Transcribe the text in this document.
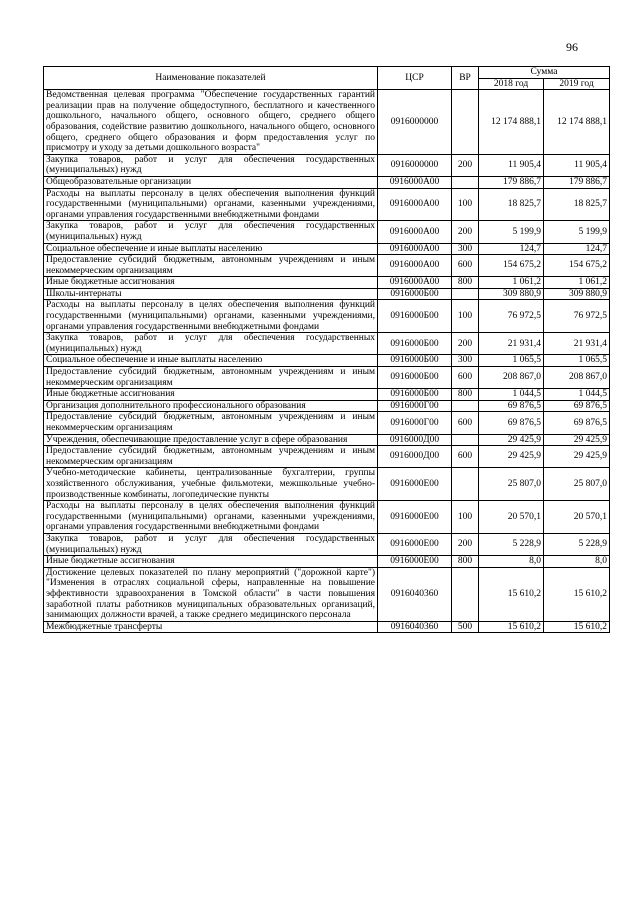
96
Наименование показателей	ЦСР	ВР	Сумма	
			2018 год	2019 год
Ведомственная целевая программа "Обеспечение государственных гарантий реализации прав на получение общедоступного, бесплатного и качественного дошкольного, начального общего, основного общего, среднего общего образования, содействие развитию дошкольного, начального общего, основного общего, среднего общего образования и форм предоставления услуг по присмотру и уходу за детьми дошкольного возраста"	0916000000		12 174 888,1	12 174 888,1
Закупка товаров, работ и услуг для обеспечения государственных (муниципальных) нужд	0916000000	200	11 905,4	11 905,4
Общеобразовательные организации	0916000А00		179 886,7	179 886,7
Расходы на выплаты персоналу в целях обеспечения выполнения функций государственными (муниципальными) органами, казенными учреждениями, органами управления государственными внебюджетными фондами	0916000А00	100	18 825,7	18 825,7
Закупка товаров, работ и услуг для обеспечения государственных (муниципальных) нужд	0916000А00	200	5 199,9	5 199,9
Социальное обеспечение и иные выплаты населению	0916000А00	300	124,7	124,7
Предоставление субсидий бюджетным, автономным учреждениям и иным некоммерческим организациям	0916000А00	600	154 675,2	154 675,2
Иные бюджетные ассигнования	0916000А00	800	1 061,2	1 061,2
Школы-интернаты	0916000Б00		309 880,9	309 880,9
Расходы на выплаты персоналу в целях обеспечения выполнения функций государственными (муниципальными) органами, казенными учреждениями, органами управления государственными внебюджетными фондами	0916000Б00	100	76 972,5	76 972,5
Закупка товаров, работ и услуг для обеспечения государственных (муниципальных) нужд	0916000Б00	200	21 931,4	21 931,4
Социальное обеспечение и иные выплаты населению	0916000Б00	300	1 065,5	1 065,5
Предоставление субсидий бюджетным, автономным учреждениям и иным некоммерческим организациям	0916000Б00	600	208 867,0	208 867,0
Иные бюджетные ассигнования	0916000Б00	800	1 044,5	1 044,5
Организация дополнительного профессионального образования	0916000Г00		69 876,5	69 876,5
Предоставление субсидий бюджетным, автономным учреждениям и иным некоммерческим организациям	0916000Г00	600	69 876,5	69 876,5
Учреждения, обеспечивающие предоставление услуг в сфере образования	0916000Д00		29 425,9	29 425,9
Предоставление субсидий бюджетным, автономным учреждениям и иным некоммерческим организациям	0916000Д00	600	29 425,9	29 425,9
Учебно-методические кабинеты, централизованные бухгалтерии, группы хозяйственного обслуживания, учебные фильмотеки, межшкольные учебно-производственные комбинаты, логопедические пункты	0916000Е00		25 807,0	25 807,0
Расходы на выплаты персоналу в целях обеспечения выполнения функций государственными (муниципальными) органами, казенными учреждениями, органами управления государственными внебюджетными фондами	0916000Е00	100	20 570,1	20 570,1
Закупка товаров, работ и услуг для обеспечения государственных (муниципальных) нужд	0916000Е00	200	5 228,9	5 228,9
Иные бюджетные ассигнования	0916000Е00	800	8,0	8,0
Достижение целевых показателей по плану мероприятий ("дорожной карте") "Изменения в отраслях социальной сферы, направленные на повышение эффективности здравоохранения в Томской области" в части повышения заработной платы работников муниципальных образовательных организаций, занимающих должности врачей, а также среднего медицинского персонала	0916040360		15 610,2	15 610,2
Межбюджетные трансферты	0916040360	500	15 610,2	15 610,2
